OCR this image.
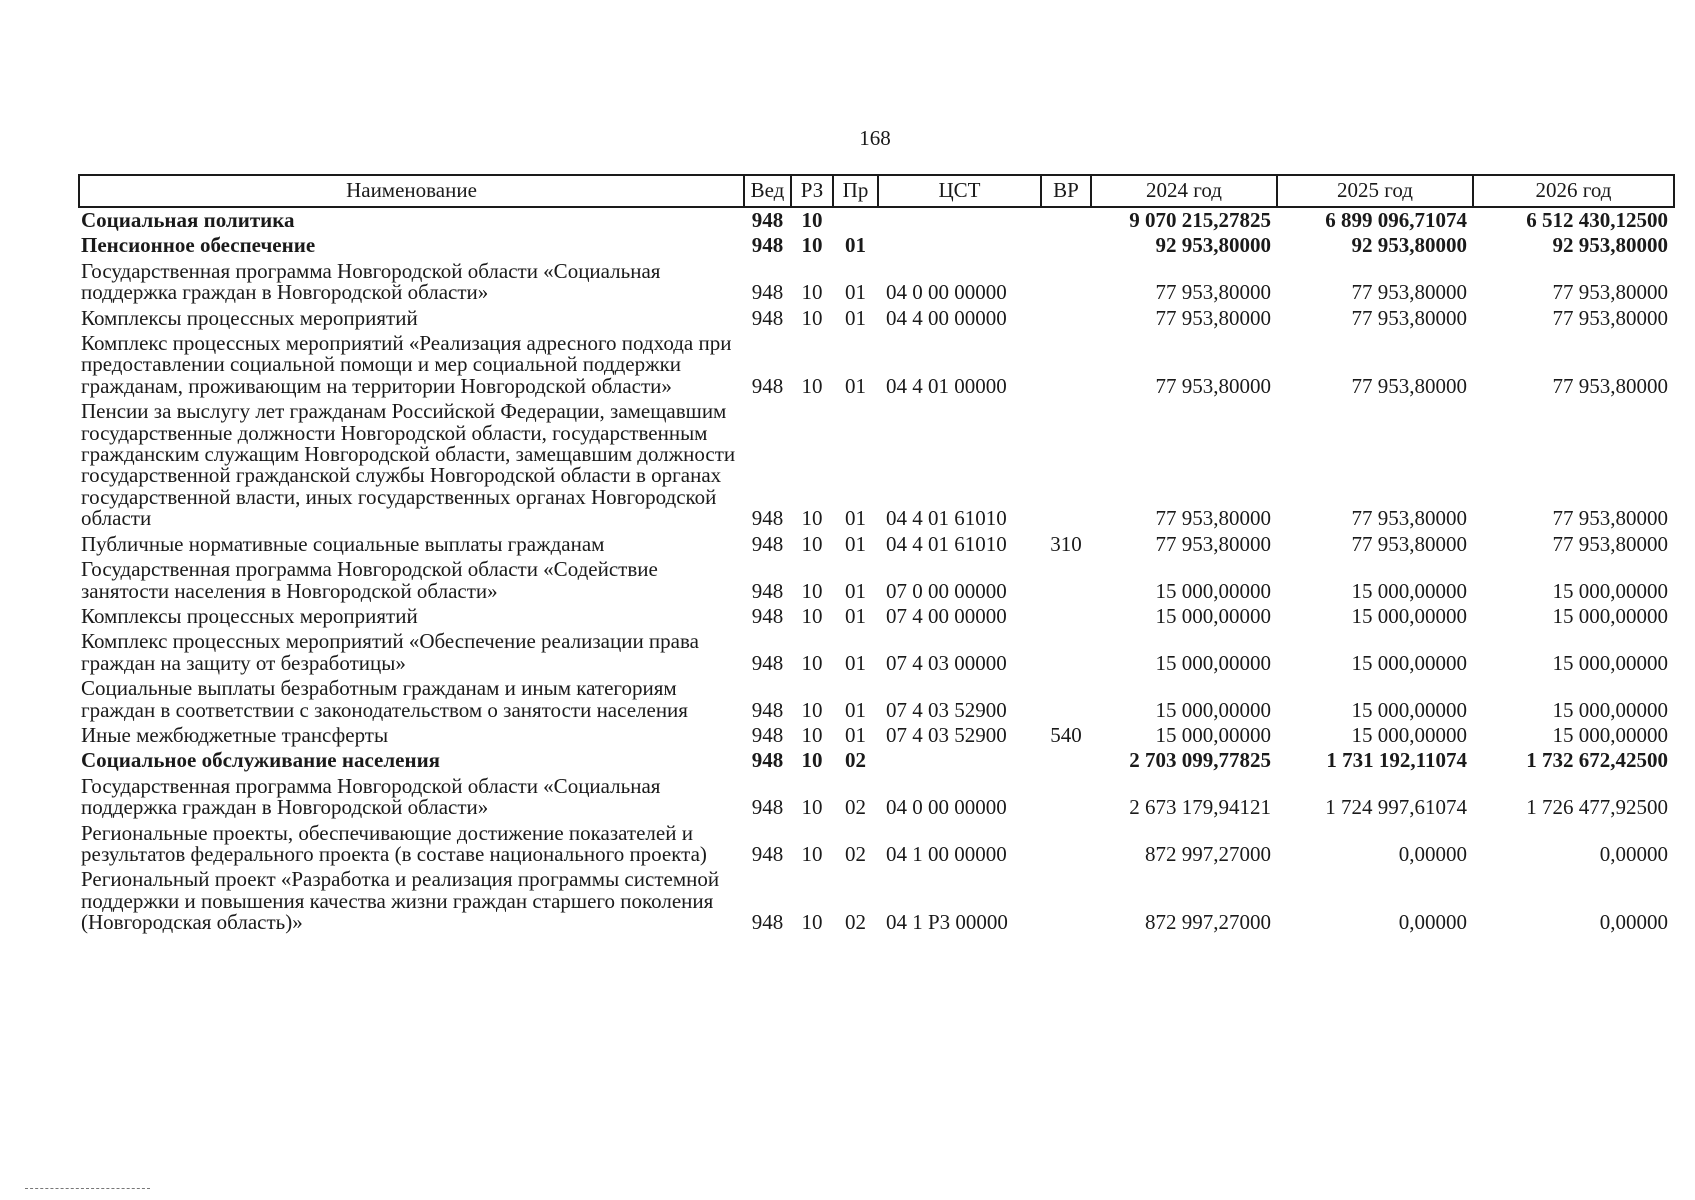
168
Наименование	Вед	РЗ	Пр	ЦСТ	ВР	2024 год	2025 год	2026 год
Социальная политика	948	10				9 070 215,27825	6 899 096,71074	6 512 430,12500
Пенсионное обеспечение	948	10	01			92 953,80000	92 953,80000	92 953,80000
Государственная программа Новгородской области «Социальная поддержка граждан в Новгородской области»	948	10	01	04 0 00 00000		77 953,80000	77 953,80000	77 953,80000
Комплексы процессных мероприятий	948	10	01	04 4 00 00000		77 953,80000	77 953,80000	77 953,80000
Комплекс процессных мероприятий «Реализация адресного подхода при предоставлении социальной помощи и мер социальной поддержки гражданам, проживающим на территории Новгородской области»	948	10	01	04 4 01 00000		77 953,80000	77 953,80000	77 953,80000
Пенсии за выслугу лет гражданам Российской Федерации, замещавшим государственные должности Новгородской области, государственным гражданским служащим Новгородской области, замещавшим должности государственной гражданской службы Новгородской области в органах государственной власти, иных государственных органах Новгородской области	948	10	01	04 4 01 61010		77 953,80000	77 953,80000	77 953,80000
Публичные нормативные социальные выплаты гражданам	948	10	01	04 4 01 61010	310	77 953,80000	77 953,80000	77 953,80000
Государственная программа Новгородской области «Содействие занятости населения в Новгородской области»	948	10	01	07 0 00 00000		15 000,00000	15 000,00000	15 000,00000
Комплексы процессных мероприятий	948	10	01	07 4 00 00000		15 000,00000	15 000,00000	15 000,00000
Комплекс процессных мероприятий «Обеспечение реализации права граждан на защиту от безработицы»	948	10	01	07 4 03 00000		15 000,00000	15 000,00000	15 000,00000
Социальные выплаты безработным гражданам и иным категориям граждан в соответствии с законодательством о занятости населения	948	10	01	07 4 03 52900		15 000,00000	15 000,00000	15 000,00000
Иные межбюджетные трансферты	948	10	01	07 4 03 52900	540	15 000,00000	15 000,00000	15 000,00000
Социальное обслуживание населения	948	10	02			2 703 099,77825	1 731 192,11074	1 732 672,42500
Государственная программа Новгородской области «Социальная поддержка граждан в Новгородской области»	948	10	02	04 0 00 00000		2 673 179,94121	1 724 997,61074	1 726 477,92500
Региональные проекты, обеспечивающие достижение показателей и результатов федерального проекта (в составе национального проекта)	948	10	02	04 1 00 00000		872 997,27000	0,00000	0,00000
Региональный проект «Разработка и реализация программы системной поддержки и повышения качества жизни граждан старшего поколения (Новгородская область)»	948	10	02	04 1 Р3 00000		872 997,27000	0,00000	0,00000
